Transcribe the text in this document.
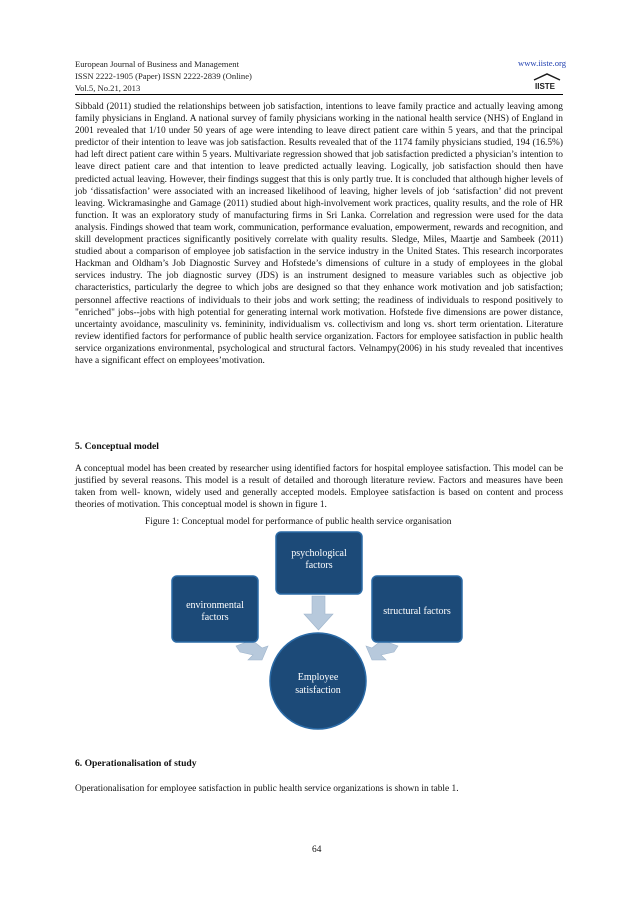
European Journal of Business and Management
ISSN 2222-1905 (Paper) ISSN 2222-2839 (Online)
Vol.5, No.21, 2013
www.iiste.org
IISTE

Sibbald (2011) studied the relationships between job satisfaction, intentions to leave family practice and actually leaving among family physicians in England. A national survey of family physicians working in the national health service (NHS) of England in 2001 revealed that 1/10 under 50 years of age were intending to leave direct patient care within 5 years, and that the principal predictor of their intention to leave was job satisfaction. Results revealed that of the 1174 family physicians studied, 194 (16.5%) had left direct patient care within 5 years. Multivariate regression showed that job satisfaction predicted a physician’s intention to leave direct patient care and that intention to leave predicted actually leaving. Logically, job satisfaction should then have predicted actual leaving. However, their findings suggest that this is only partly true. It is concluded that although higher levels of job ‘dissatisfaction’ were associated with an increased likelihood of leaving, higher levels of job ‘satisfaction’ did not prevent leaving. Wickramasinghe and Gamage (2011) studied about high-involvement work practices, quality results, and the role of HR function. It was an exploratory study of manufacturing firms in Sri Lanka. Correlation and regression were used for the data analysis. Findings showed that team work, communication, performance evaluation, empowerment, rewards and recognition, and skill development practices significantly positively correlate with quality results. Sledge, Miles, Maartje and Sambeek (2011) studied about a comparison of employee job satisfaction in the service industry in the United States. This research incorporates Hackman and Oldham’s Job Diagnostic Survey and Hofstede’s dimensions of culture in a study of employees in the global services industry. The job diagnostic survey (JDS) is an instrument designed to measure variables such as objective job characteristics, particularly the degree to which jobs are designed so that they enhance work motivation and job satisfaction; personnel affective reactions of individuals to their jobs and work setting; the readiness of individuals to respond positively to "enriched" jobs--jobs with high potential for generating internal work motivation. Hofstede five dimensions are power distance, uncertainty avoidance, masculinity vs. femininity, individualism vs. collectivism and long vs. short term orientation. Literature review identified factors for performance of public health service organization. Factors for employee satisfaction in public health service organizations environmental, psychological and structural factors. Velnampy(2006) in his study revealed that incentives have a significant effect on employees’motivation.

5. Conceptual model

A conceptual model has been created by researcher using identified factors for hospital employee satisfaction. This model can be justified by several reasons. This model is a result of detailed and thorough literature review. Factors and measures have been taken from well- known, widely used and generally accepted models. Employee satisfaction is based on content and process theories of motivation. This conceptual model is shown in figure 1.

Figure 1: Conceptual model for performance of public health service organisation
psychological
factors
environmental
factors
structural factors
Employee
satisfaction
6. Operationalisation of study

Operationalisation for employee satisfaction in public health service organizations is shown in table 1.

64
